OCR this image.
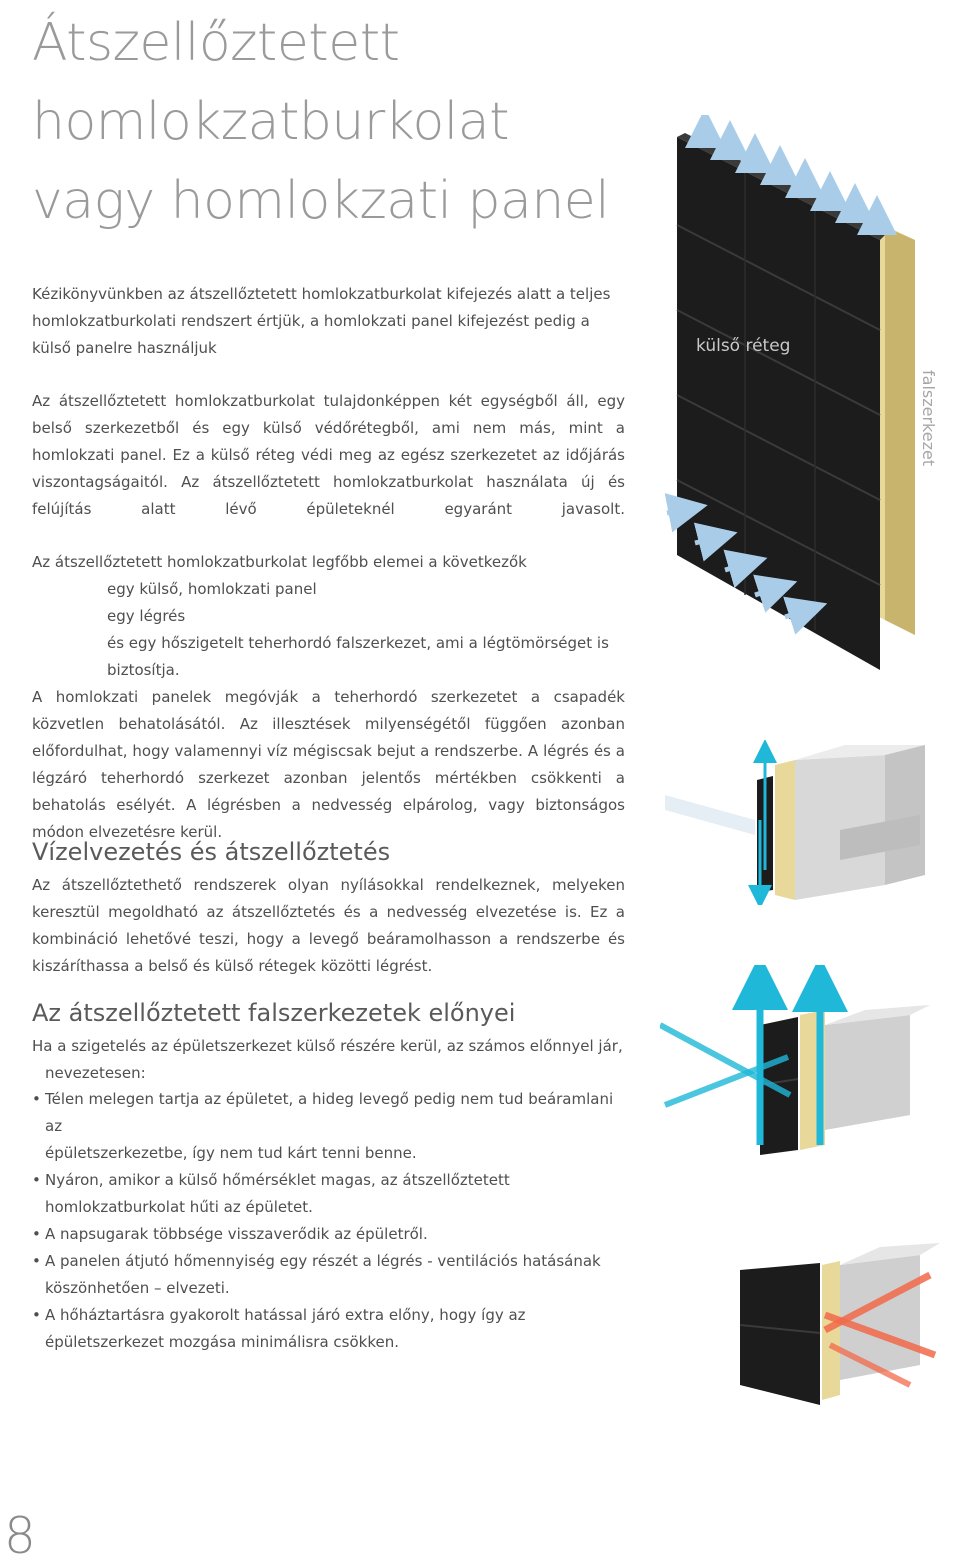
Átszellőztetett
homlokzatburkolat
vagy homlokzati panel

Kézikönyvünkben az átszellőztetett homlokzatburkolat kifejezés alatt a teljes
homlokzatburkolati rendszert értjük, a homlokzati panel kifejezést pedig a
külső panelre használjuk

Az átszellőztetett homlokzatburkolat tulajdonképpen két egységből áll, egy belső szerkezetből és egy külső védőrétegből, ami nem más, mint a homlokzati panel. Ez a külső réteg védi meg az egész szerkezetet az időjárás viszontagságaitól. Az átszellőztetett homlokzatburkolat használata új és felújítás alatt lévő épületeknél egyaránt javasolt.

Az átszellőztetett homlokzatburkolat legfőbb elemei a következők
egy külső, homlokzati panel
egy légrés
és egy hőszigetelt teherhordó falszerkezet, ami a légtömörséget is
biztosítja.

A homlokzati panelek megóvják a teherhordó szerkezetet a csapadék közvetlen behatolásától. Az illesztések milyenségétől függően azonban előfordulhat, hogy valamennyi víz mégiscsak bejut a rendszerbe. A légrés és a légzáró teherhordó szerkezet azonban jelentős mértékben csökkenti a behatolás esélyét. A légrésben a nedvesség elpárolog, vagy biztonságos módon elvezetésre kerül.

Vízelvezetés és átszellőztetés

Az átszellőztethető rendszerek olyan nyílásokkal rendelkeznek, melyeken keresztül megoldható az átszellőztetés és a nedvesség elvezetése is. Ez a kombináció lehetővé teszi, hogy a levegő beáramolhasson a rendszerbe és kiszáríthassa a belső és külső rétegek közötti légrést.

Az átszellőztetett falszerkezetek előnyei
Ha a szigetelés az épületszerkezet külső részére kerül, az számos előnnyel jár,
nevezetesen:
• Télen melegen tartja az épületet, a hideg levegő pedig nem tud beáramlani az
épületszerkezetbe, így nem tud kárt tenni benne.
• Nyáron, amikor a külső hőmérséklet magas, az átszellőztetett
homlokzatburkolat hűti az épületet.
• A napsugarak többsége visszaverődik az épületről.
• A panelen átjutó hőmennyiség egy részét a légrés - ventilációs hatásának
köszönhetően – elvezeti.
• A hőháztartásra gyakorolt hatással járó extra előny, hogy így az
épületszerkezet mozgása minimálisra csökken.
külső réteg
falszerkezet
8
